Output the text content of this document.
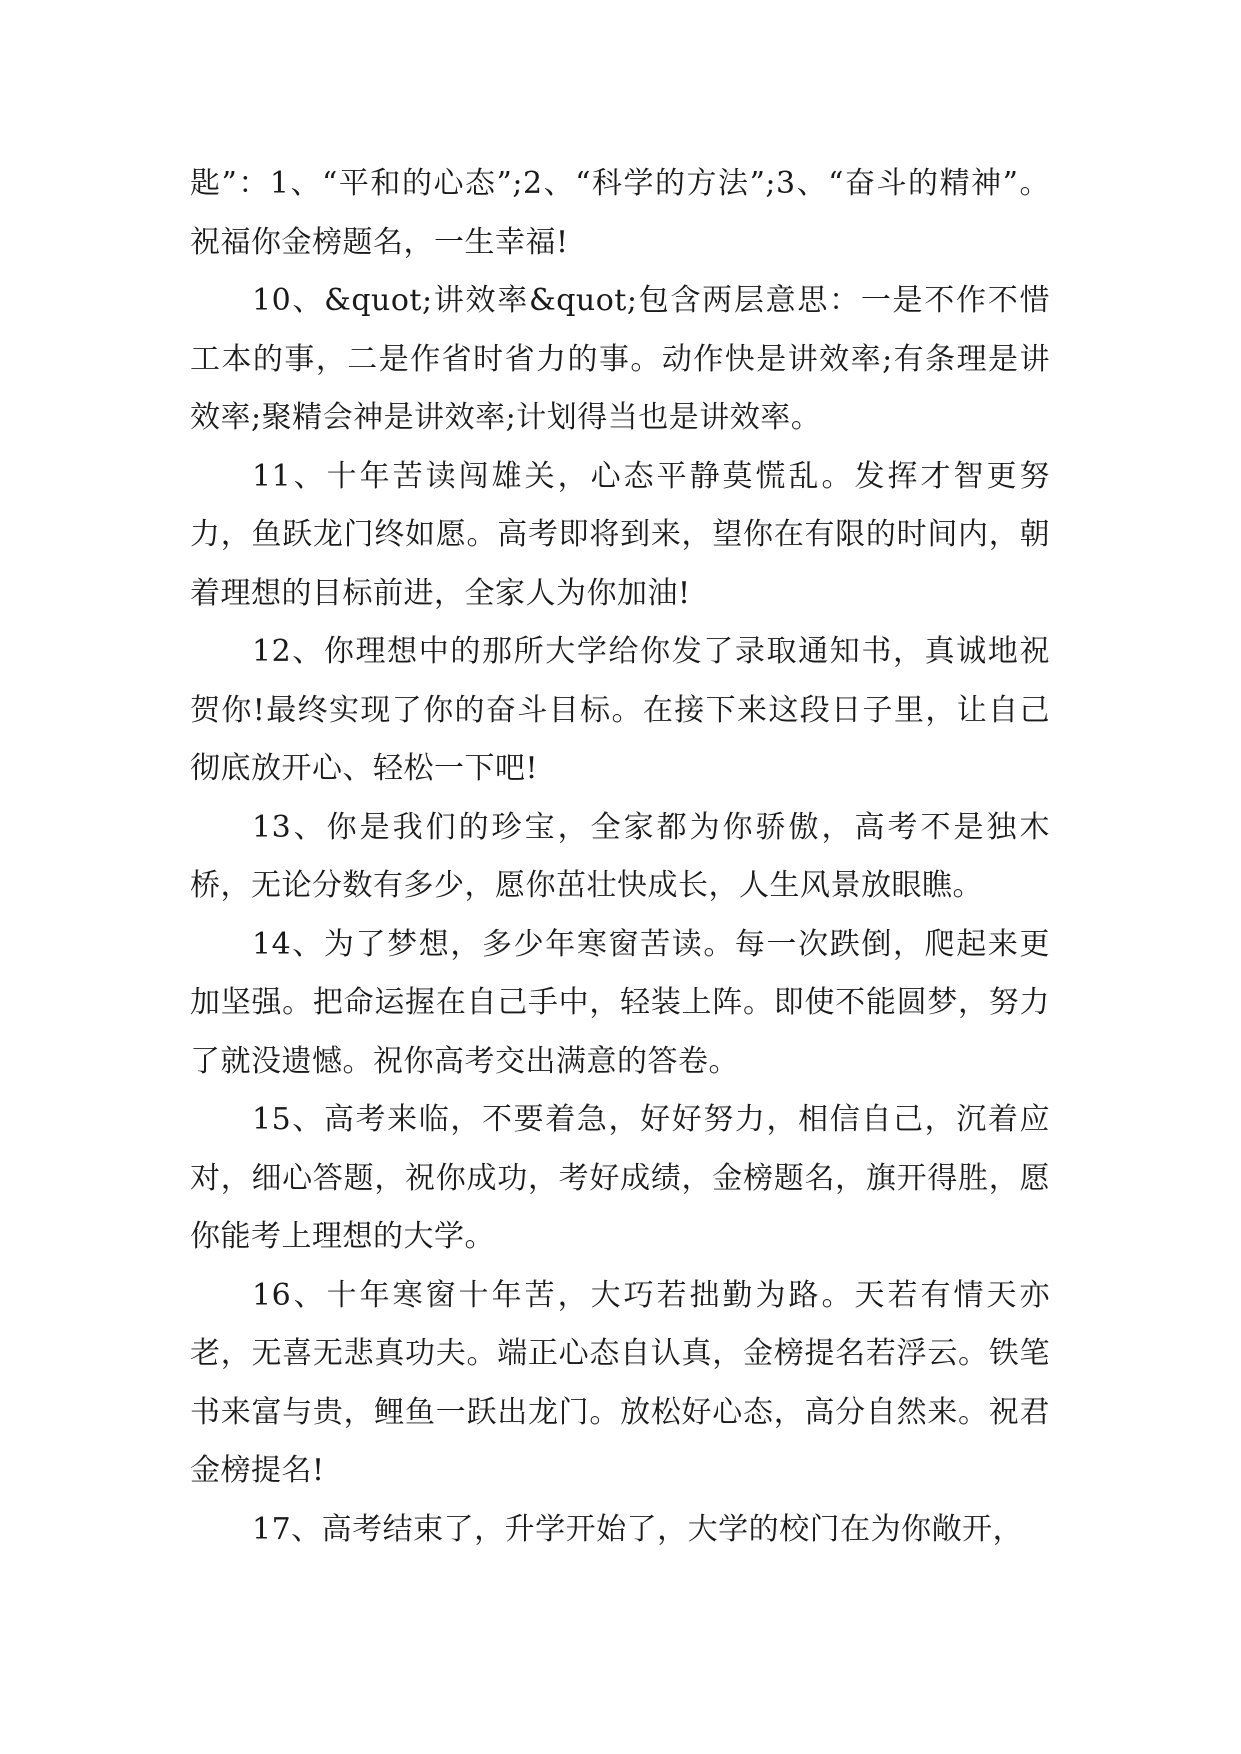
匙”：1、“平和的心态”;2、“科学的方法”;3、“奋斗的精神”。祝福你金榜题名，一生幸福!

10、&quot;讲效率&quot;包含两层意思：一是不作不惜工本的事，二是作省时省力的事。动作快是讲效率;有条理是讲效率;聚精会神是讲效率;计划得当也是讲效率。

11、十年苦读闯雄关，心态平静莫慌乱。发挥才智更努力，鱼跃龙门终如愿。高考即将到来，望你在有限的时间内，朝着理想的目标前进，全家人为你加油!

12、你理想中的那所大学给你发了录取通知书，真诚地祝贺你!最终实现了你的奋斗目标。在接下来这段日子里，让自己彻底放开心、轻松一下吧!

13、你是我们的珍宝，全家都为你骄傲，高考不是独木桥，无论分数有多少，愿你茁壮快成长，人生风景放眼瞧。

14、为了梦想，多少年寒窗苦读。每一次跌倒，爬起来更加坚强。把命运握在自己手中，轻装上阵。即使不能圆梦，努力了就没遗憾。祝你高考交出满意的答卷。

15、高考来临，不要着急，好好努力，相信自己，沉着应对，细心答题，祝你成功，考好成绩，金榜题名，旗开得胜，愿你能考上理想的大学。

16、十年寒窗十年苦，大巧若拙勤为路。天若有情天亦老，无喜无悲真功夫。端正心态自认真，金榜提名若浮云。铁笔书来富与贵，鲤鱼一跃出龙门。放松好心态，高分自然来。祝君金榜提名!

17、高考结束了，升学开始了，大学的校门在为你敞开，
